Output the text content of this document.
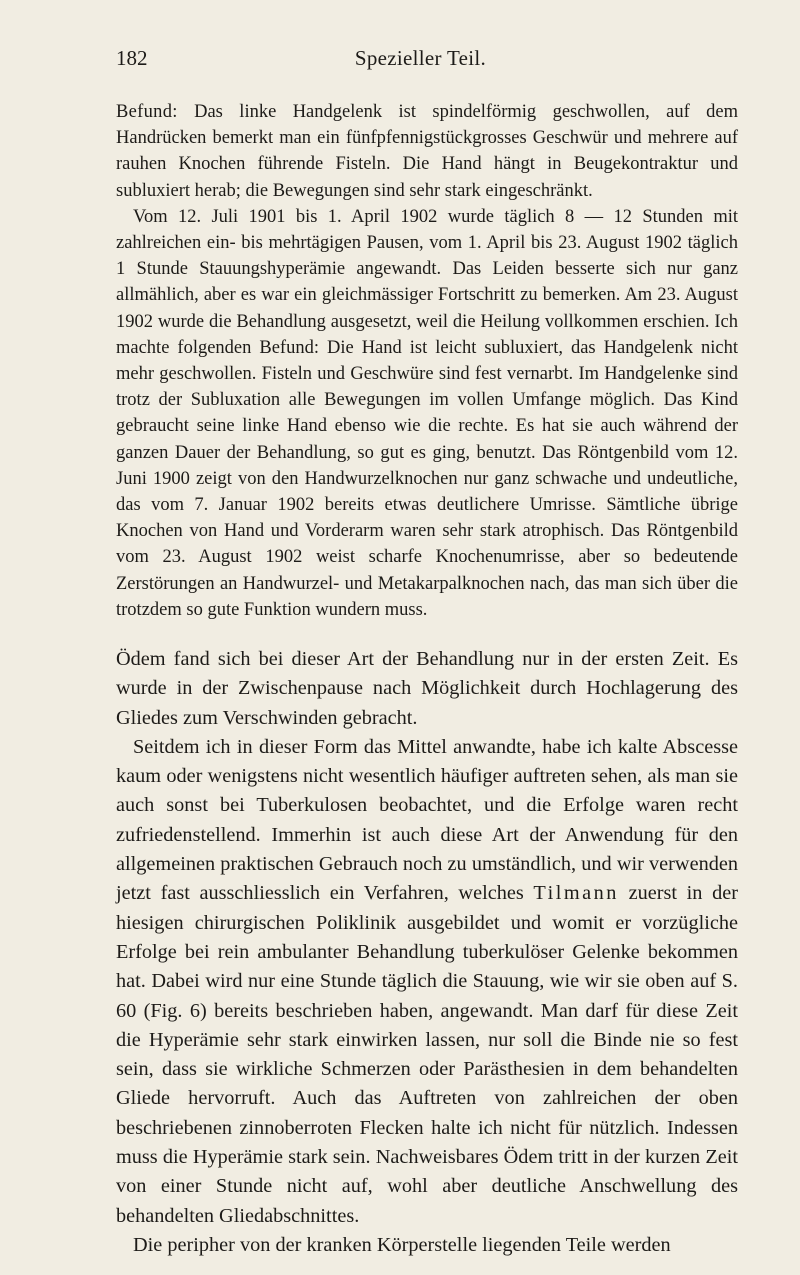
182	Spezieller Teil.

Befund: Das linke Handgelenk ist spindelförmig geschwollen, auf dem Handrücken bemerkt man ein fünfpfennigstückgrosses Geschwür und mehrere auf rauhen Knochen führende Fisteln. Die Hand hängt in Beugekontraktur und subluxiert herab; die Bewegungen sind sehr stark eingeschränkt.

Vom 12. Juli 1901 bis 1. April 1902 wurde täglich 8 — 12 Stunden mit zahlreichen ein- bis mehrtägigen Pausen, vom 1. April bis 23. August 1902 täglich 1 Stunde Stauungshyperämie angewandt. Das Leiden besserte sich nur ganz allmählich, aber es war ein gleichmässiger Fortschritt zu bemerken. Am 23. August 1902 wurde die Behandlung ausgesetzt, weil die Heilung vollkommen erschien. Ich machte folgenden Befund: Die Hand ist leicht subluxiert, das Handgelenk nicht mehr geschwollen. Fisteln und Geschwüre sind fest vernarbt. Im Handgelenke sind trotz der Subluxation alle Bewegungen im vollen Umfange möglich. Das Kind gebraucht seine linke Hand ebenso wie die rechte. Es hat sie auch während der ganzen Dauer der Behandlung, so gut es ging, benutzt. Das Röntgenbild vom 12. Juni 1900 zeigt von den Handwurzelknochen nur ganz schwache und undeutliche, das vom 7. Januar 1902 bereits etwas deutlichere Umrisse. Sämtliche übrige Knochen von Hand und Vorderarm waren sehr stark atrophisch. Das Röntgenbild vom 23. August 1902 weist scharfe Knochenumrisse, aber so bedeutende Zerstörungen an Handwurzel- und Metakarpalknochen nach, das man sich über die trotzdem so gute Funktion wundern muss.

Ödem fand sich bei dieser Art der Behandlung nur in der ersten Zeit. Es wurde in der Zwischenpause nach Möglichkeit durch Hochlagerung des Gliedes zum Verschwinden gebracht.

Seitdem ich in dieser Form das Mittel anwandte, habe ich kalte Abscesse kaum oder wenigstens nicht wesentlich häufiger auftreten sehen, als man sie auch sonst bei Tuberkulosen beobachtet, und die Erfolge waren recht zufriedenstellend. Immerhin ist auch diese Art der Anwendung für den allgemeinen praktischen Gebrauch noch zu umständlich, und wir verwenden jetzt fast ausschliesslich ein Verfahren, welches Tilmann zuerst in der hiesigen chirurgischen Poliklinik ausgebildet und womit er vorzügliche Erfolge bei rein ambulanter Behandlung tuberkulöser Gelenke bekommen hat. Dabei wird nur eine Stunde täglich die Stauung, wie wir sie oben auf S. 60 (Fig. 6) bereits beschrieben haben, angewandt. Man darf für diese Zeit die Hyperämie sehr stark einwirken lassen, nur soll die Binde nie so fest sein, dass sie wirkliche Schmerzen oder Parästhesien in dem behandelten Gliede hervorruft. Auch das Auftreten von zahlreichen der oben beschriebenen zinnoberroten Flecken halte ich nicht für nützlich. Indessen muss die Hyperämie stark sein. Nachweisbares Ödem tritt in der kurzen Zeit von einer Stunde nicht auf, wohl aber deutliche Anschwellung des behandelten Gliedabschnittes.

Die peripher von der kranken Körperstelle liegenden Teile werden
